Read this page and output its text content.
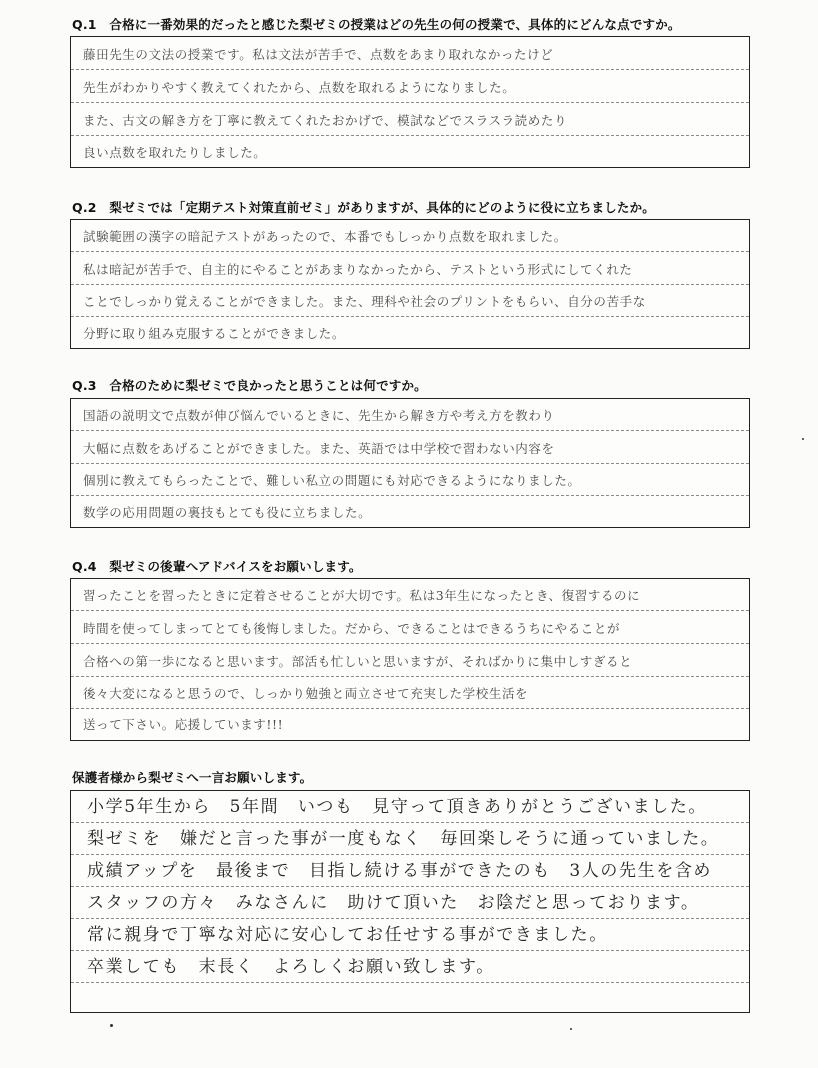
Q.1　合格に一番効果的だったと感じた梨ゼミの授業はどの先生の何の授業で、具体的にどんな点ですか。
藤田先生の文法の授業です。私は文法が苦手で、点数をあまり取れなかったけど
先生がわかりやすく教えてくれたから、点数を取れるようになりました。
また、古文の解き方を丁寧に教えてくれたおかげで、模試などでスラスラ読めたり
良い点数を取れたりしました。
Q.2　梨ゼミでは「定期テスト対策直前ゼミ」がありますが、具体的にどのように役に立ちましたか。
試験範囲の漢字の暗記テストがあったので、本番でもしっかり点数を取れました。
私は暗記が苦手で、自主的にやることがあまりなかったから、テストという形式にしてくれた
ことでしっかり覚えることができました。また、理科や社会のプリントをもらい、自分の苦手な
分野に取り組み克服することができました。
Q.3　合格のために梨ゼミで良かったと思うことは何ですか。
国語の説明文で点数が伸び悩んでいるときに、先生から解き方や考え方を教わり
大幅に点数をあげることができました。また、英語では中学校で習わない内容を
個別に教えてもらったことで、難しい私立の問題にも対応できるようになりました。
数学の応用問題の裏技もとても役に立ちました。
Q.4　梨ゼミの後輩へアドバイスをお願いします。
習ったことを習ったときに定着させることが大切です。私は3年生になったとき、復習するのに
時間を使ってしまってとても後悔しました。だから、できることはできるうちにやることが
合格への第一歩になると思います。部活も忙しいと思いますが、そればかりに集中しすぎると
後々大変になると思うので、しっかり勉強と両立させて充実した学校生活を
送って下さい。応援しています!!!
保護者様から梨ゼミへ一言お願いします。
小学5年生から　5年間　いつも　見守って頂きありがとうございました。
梨ゼミを　嫌だと言った事が一度もなく　毎回楽しそうに通っていました。
成績アップを　最後まで　目指し続ける事ができたのも　3人の先生を含め
スタッフの方々　みなさんに　助けて頂いた　お陰だと思っております。
常に親身で丁寧な対応に安心してお任せする事ができました。
卒業しても　末長く　よろしくお願い致します。
